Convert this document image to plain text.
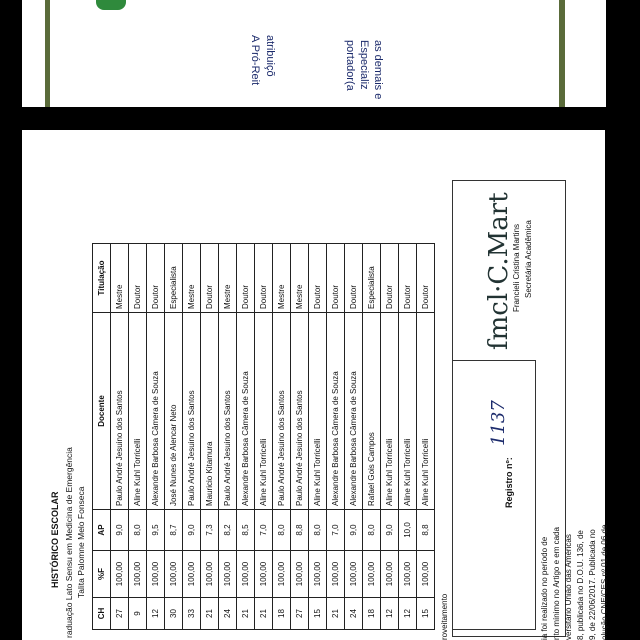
A Pró-Reit atribuiçõ	portador(a Especializ as demais e
HISTÓRICO ESCOLAR raduação Lato Sensu em Medicina de Emergência Talita Palomne Melo Fonseca
CH	%F	AP	Docente	Titulação
27	100,00	9,0	Paulo André Jesuino dos Santos	Mestre
9	100,00	8,0	Aline Kuhl Torricelli	Doutor
12	100,00	9,5	Alexandre Barbosa Câmera de Souza	Doutor
30	100,00	8,7	José Nunes de Alencar Neto	Especialista
33	100,00	9,0	Paulo André Jesuino dos Santos	Mestre
21	100,00	7,3	Mauricio Kitamura	Doutor
24	100,00	8,2	Paulo André Jesuino dos Santos	Mestre
21	100,00	8,5	Alexandre Barbosa Câmera de Souza	Doutor
21	100,00	7,0	Aline Kuhl Torricelli	Doutor
18	100,00	8,0	Paulo André Jesuino dos Santos	Mestre
27	100,00	8,8	Paulo André Jesuino dos Santos	Mestre
15	100,00	8,0	Aline Kuhl Torricelli	Doutor
21	100,00	7,0	Alexandre Barbosa Câmera de Souza	Doutor
24	100,00	9,0	Alexandre Barbosa Câmera de Souza	Doutor
18	100,00	8,0	Rafael Gois Campos	Especialista
12	100,00	9,0	Aline Kuhl Torricelli	Doutor
12	100,00	10,0	Aline Kuhl Torricelli	Doutor
15	100,00	8,8	Aline Kuhl Torricelli	Doutor
roveitamento
ſmcl·C.Mart
Francieli Cristina Martins Secretária Acadêmica
Registro nº:
1137
ia foi realizado no período de nto mínimo no Artigo e em cada versitário União das Américas 8, publicada no D.O.U. 136, de 9, de 22/06/2017. Publicada no olução CNE/CES nº 01 de 06 de
